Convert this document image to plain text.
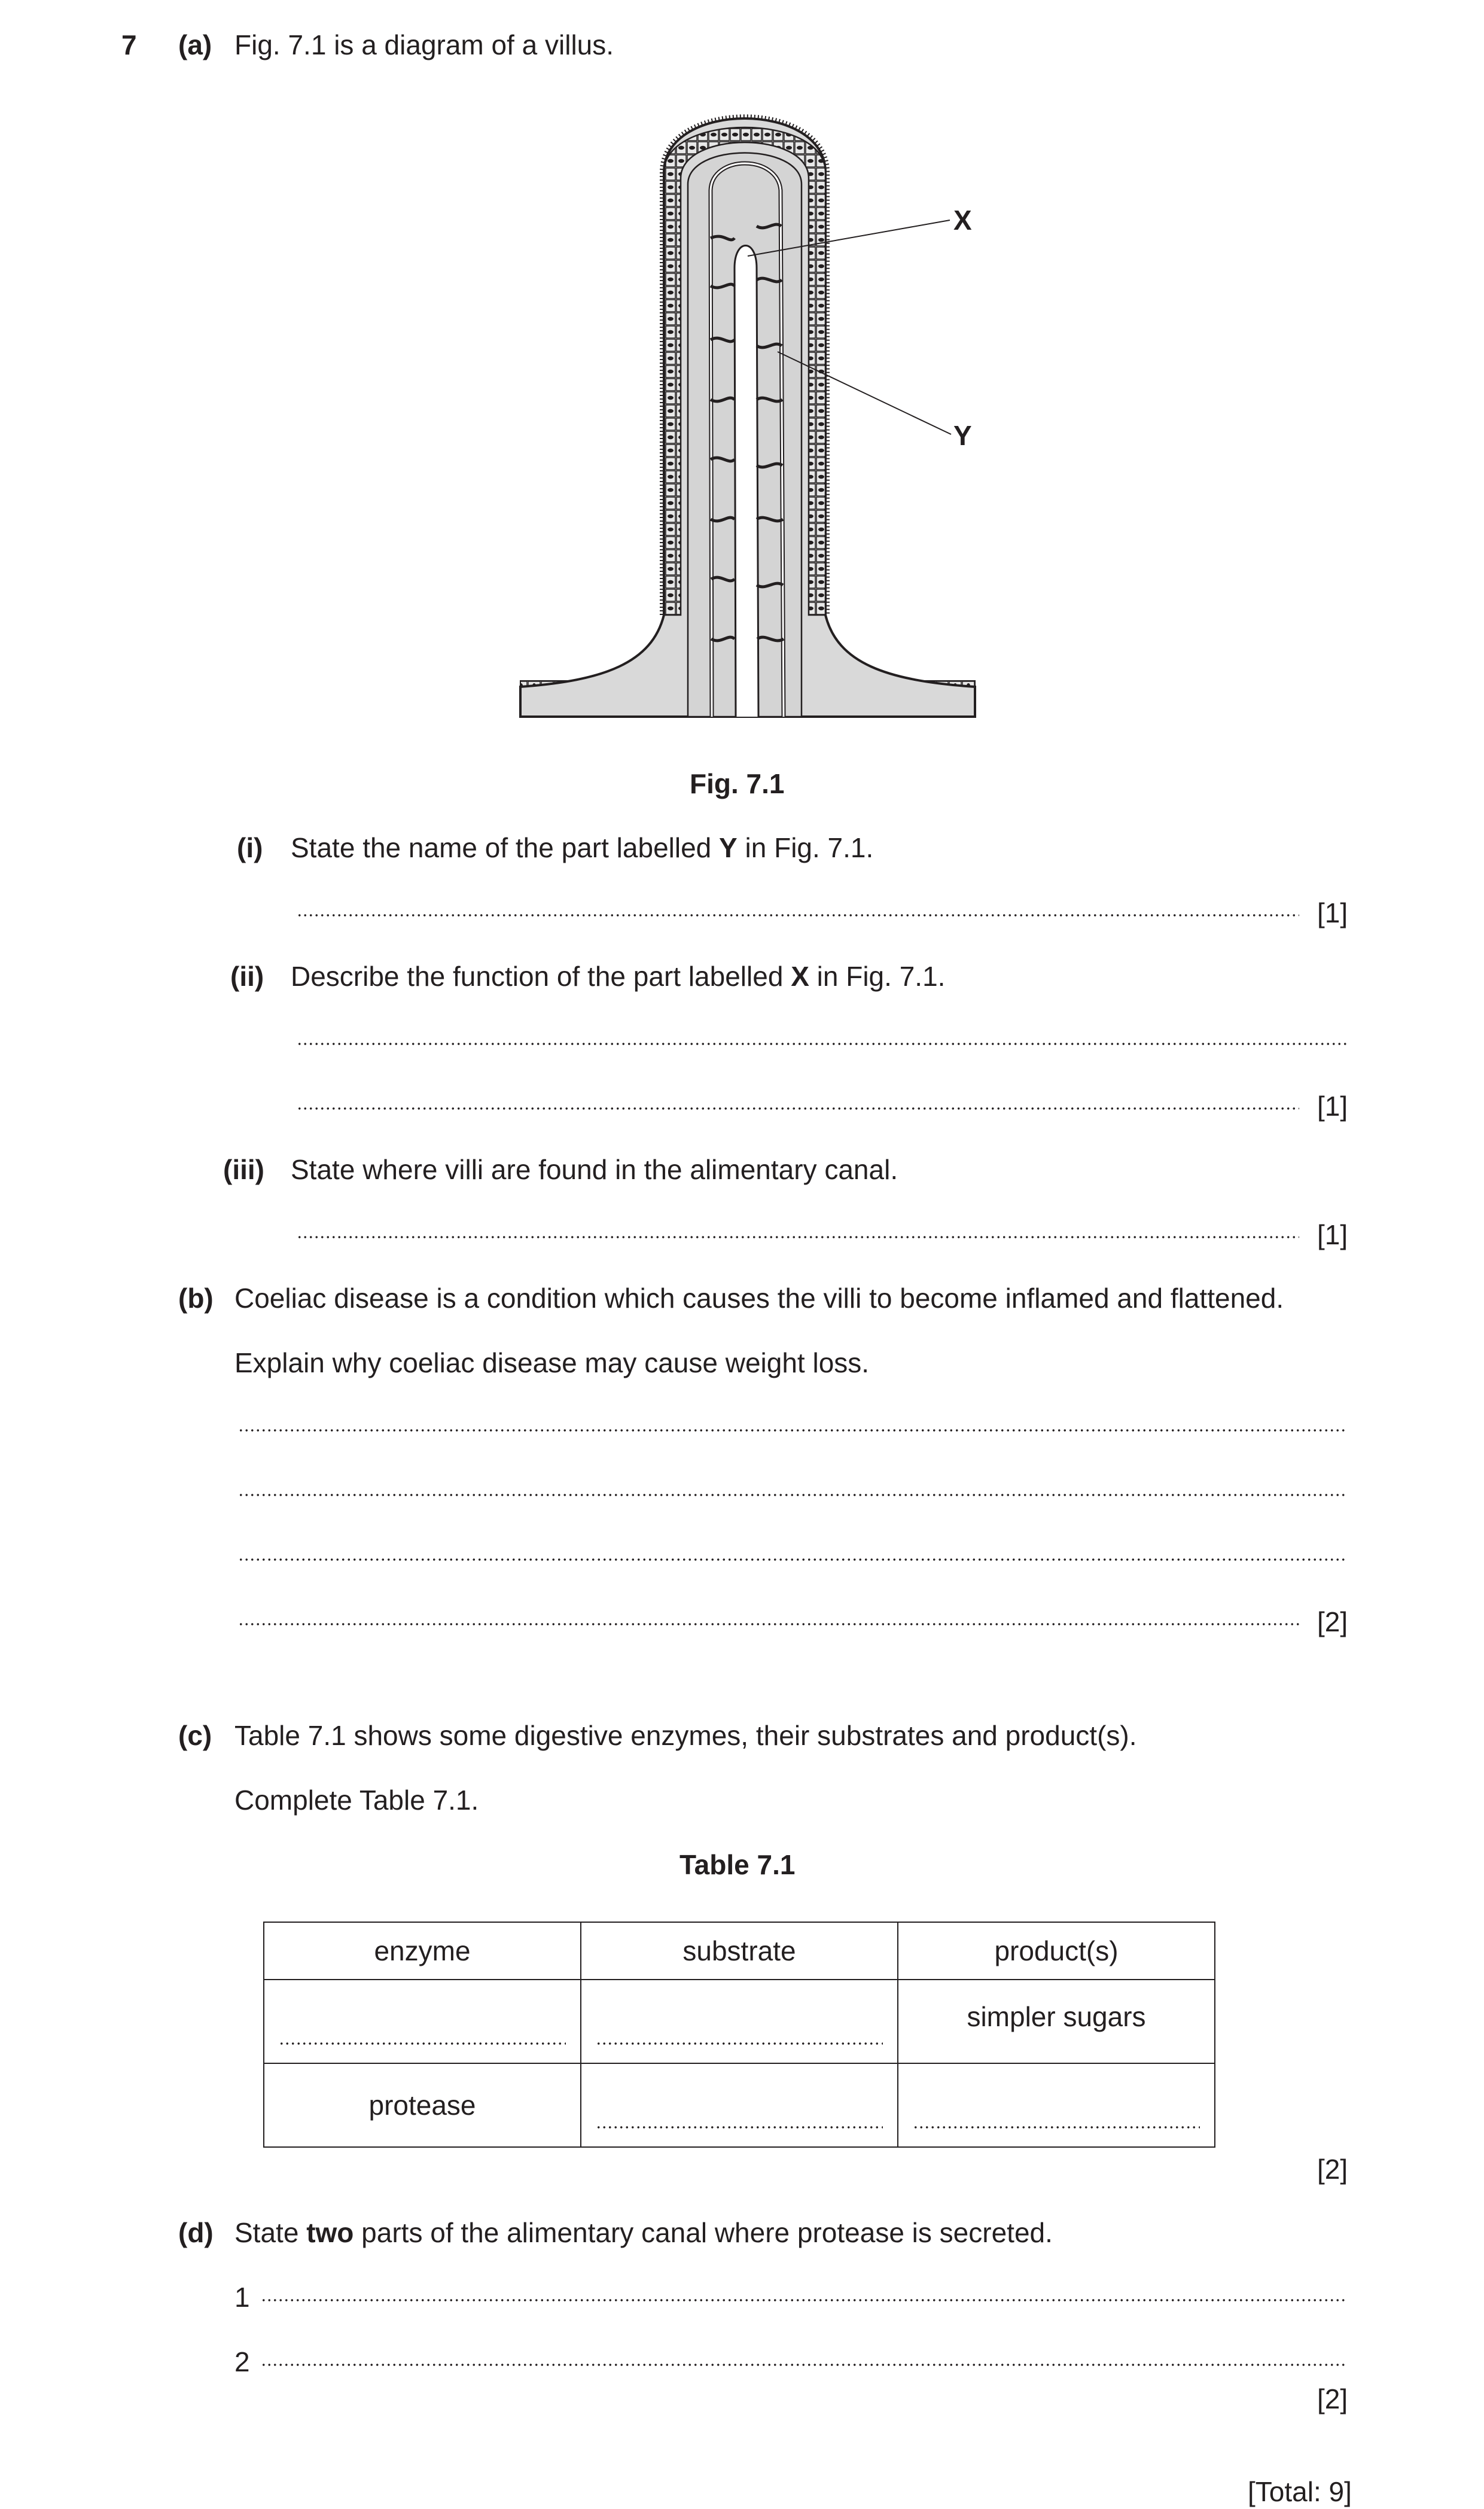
7 (a) Fig. 7.1 is a diagram of a villus.
X
Y
Fig. 7.1
(i) State the name of the part labelled Y in Fig. 7.1.
[1]
(ii) Describe the function of the part labelled X in Fig. 7.1.
[1]
(iii) State where villi are found in the alimentary canal.
[1]
(b) Coeliac disease is a condition which causes the villi to become inflamed and flattened.
Explain why coeliac disease may cause weight loss.
[2]
(c) Table 7.1 shows some digestive enzymes, their substrates and product(s).
Complete Table 7.1.
Table 7.1
enzyme	substrate	product(s)

		simpler sugars

protease		

[2]
(d) State two parts of the alimentary canal where protease is secreted.
1
2
[2]
[Total: 9]
